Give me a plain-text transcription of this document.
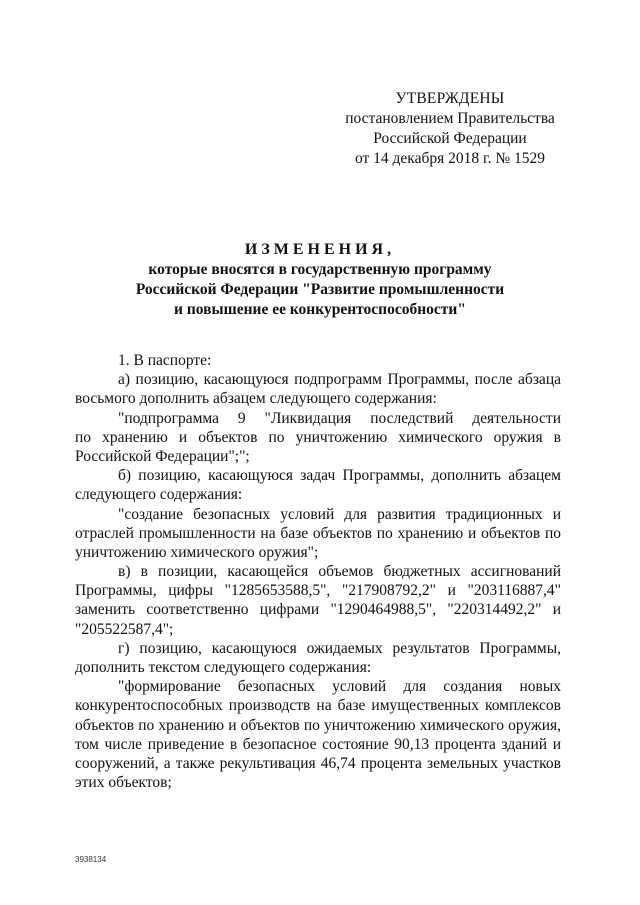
УТВЕРЖДЕНЫ
постановлением Правительства
Российской Федерации
от 14 декабря 2018 г. № 1529
ИЗМЕНЕНИЯ,
которые вносятся в государственную программу
Российской Федерации "Развитие промышленности
и повышение ее конкурентоспособности"
1. В паспорте:
а) позицию, касающуюся подпрограмм Программы, после абзаца
восьмого дополнить абзацем следующего содержания:
"подпрограмма 9 "Ликвидация последствий деятельности
по хранению и объектов по уничтожению химического оружия в
Российской Федерации";";
б) позицию, касающуюся задач Программы, дополнить абзацем
следующего содержания:
"создание безопасных условий для развития традиционных и
отраслей промышленности на базе объектов по хранению и объектов по
уничтожению химического оружия";
в) в позиции, касающейся объемов бюджетных ассигнований
Программы, цифры "1285653588,5", "217908792,2" и "203116887,4"
заменить соответственно цифрами "1290464988,5", "220314492,2" и
"205522587,4";
г) позицию, касающуюся ожидаемых результатов Программы,
дополнить текстом следующего содержания:
"формирование безопасных условий для создания новых
конкурентоспособных производств на базе имущественных комплексов
объектов по хранению и объектов по уничтожению химического оружия,
том числе приведение в безопасное состояние 90,13 процента зданий и
сооружений, а также рекультивация 46,74 процента земельных участков
этих объектов;
3938134
